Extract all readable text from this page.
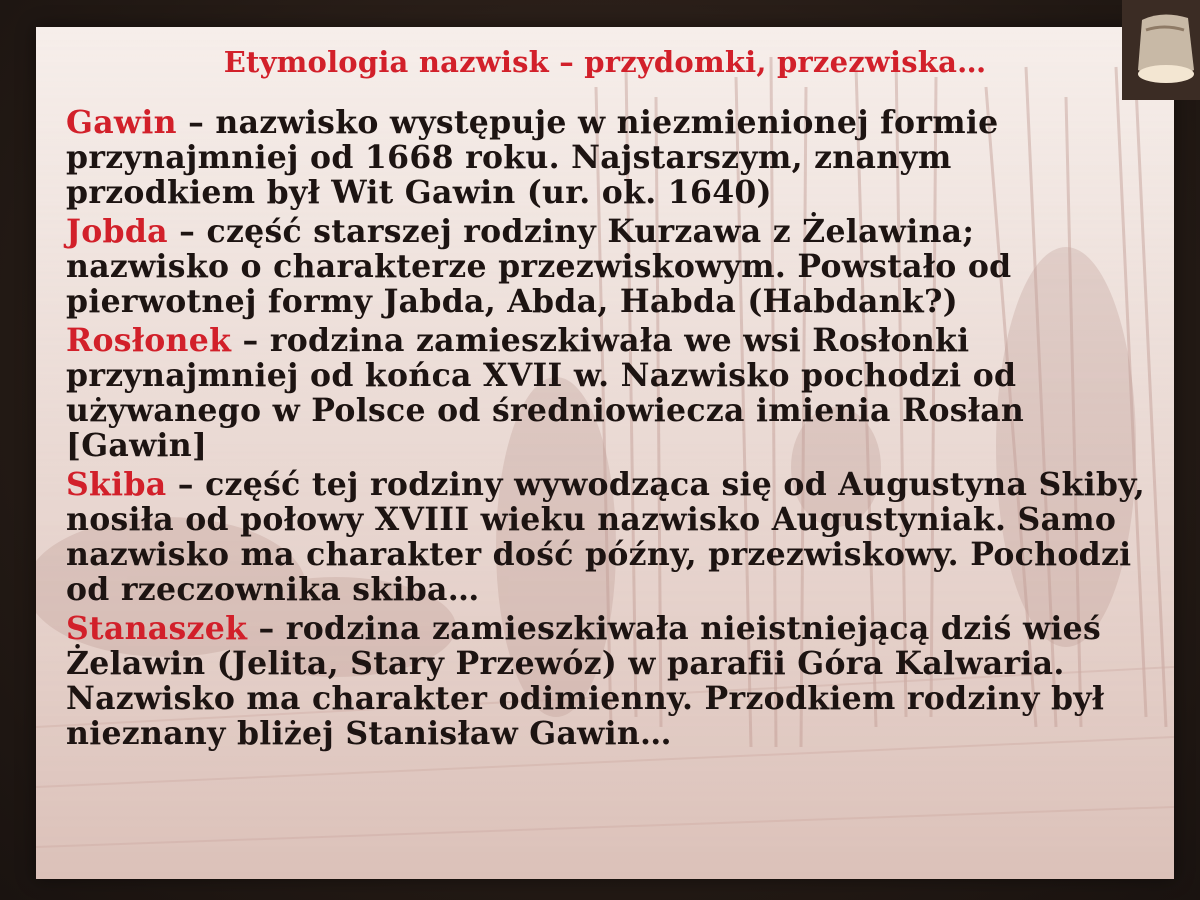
Etymologia nazwisk – przydomki, przezwiska…

Gawin – nazwisko występuje w niezmienionej formie przynajmniej od 1668 roku. Najstarszym, znanym przodkiem był Wit Gawin (ur. ok. 1640)

Jobda – część starszej rodziny Kurzawa z Żelawina; nazwisko o charakterze przezwiskowym. Powstało od pierwotnej formy Jabda, Abda, Habda (Habdank?)

Rosłonek – rodzina zamieszkiwała we wsi Rosłonki przynajmniej od końca XVII w. Nazwisko pochodzi od używanego w Polsce od średniowiecza imienia Rosłan [Gawin]

Skiba – część tej rodziny wywodząca się od Augustyna Skiby, nosiła od połowy XVIII wieku nazwisko Augustyniak. Samo nazwisko ma charakter dość późny, przezwiskowy. Pochodzi od rzeczownika skiba…

Stanaszek – rodzina zamieszkiwała nieistniejącą dziś wieś Żelawin (Jelita, Stary Przewóz) w parafii Góra Kalwaria. Nazwisko ma charakter odimienny. Przodkiem rodziny był nieznany bliżej Stanisław Gawin…
